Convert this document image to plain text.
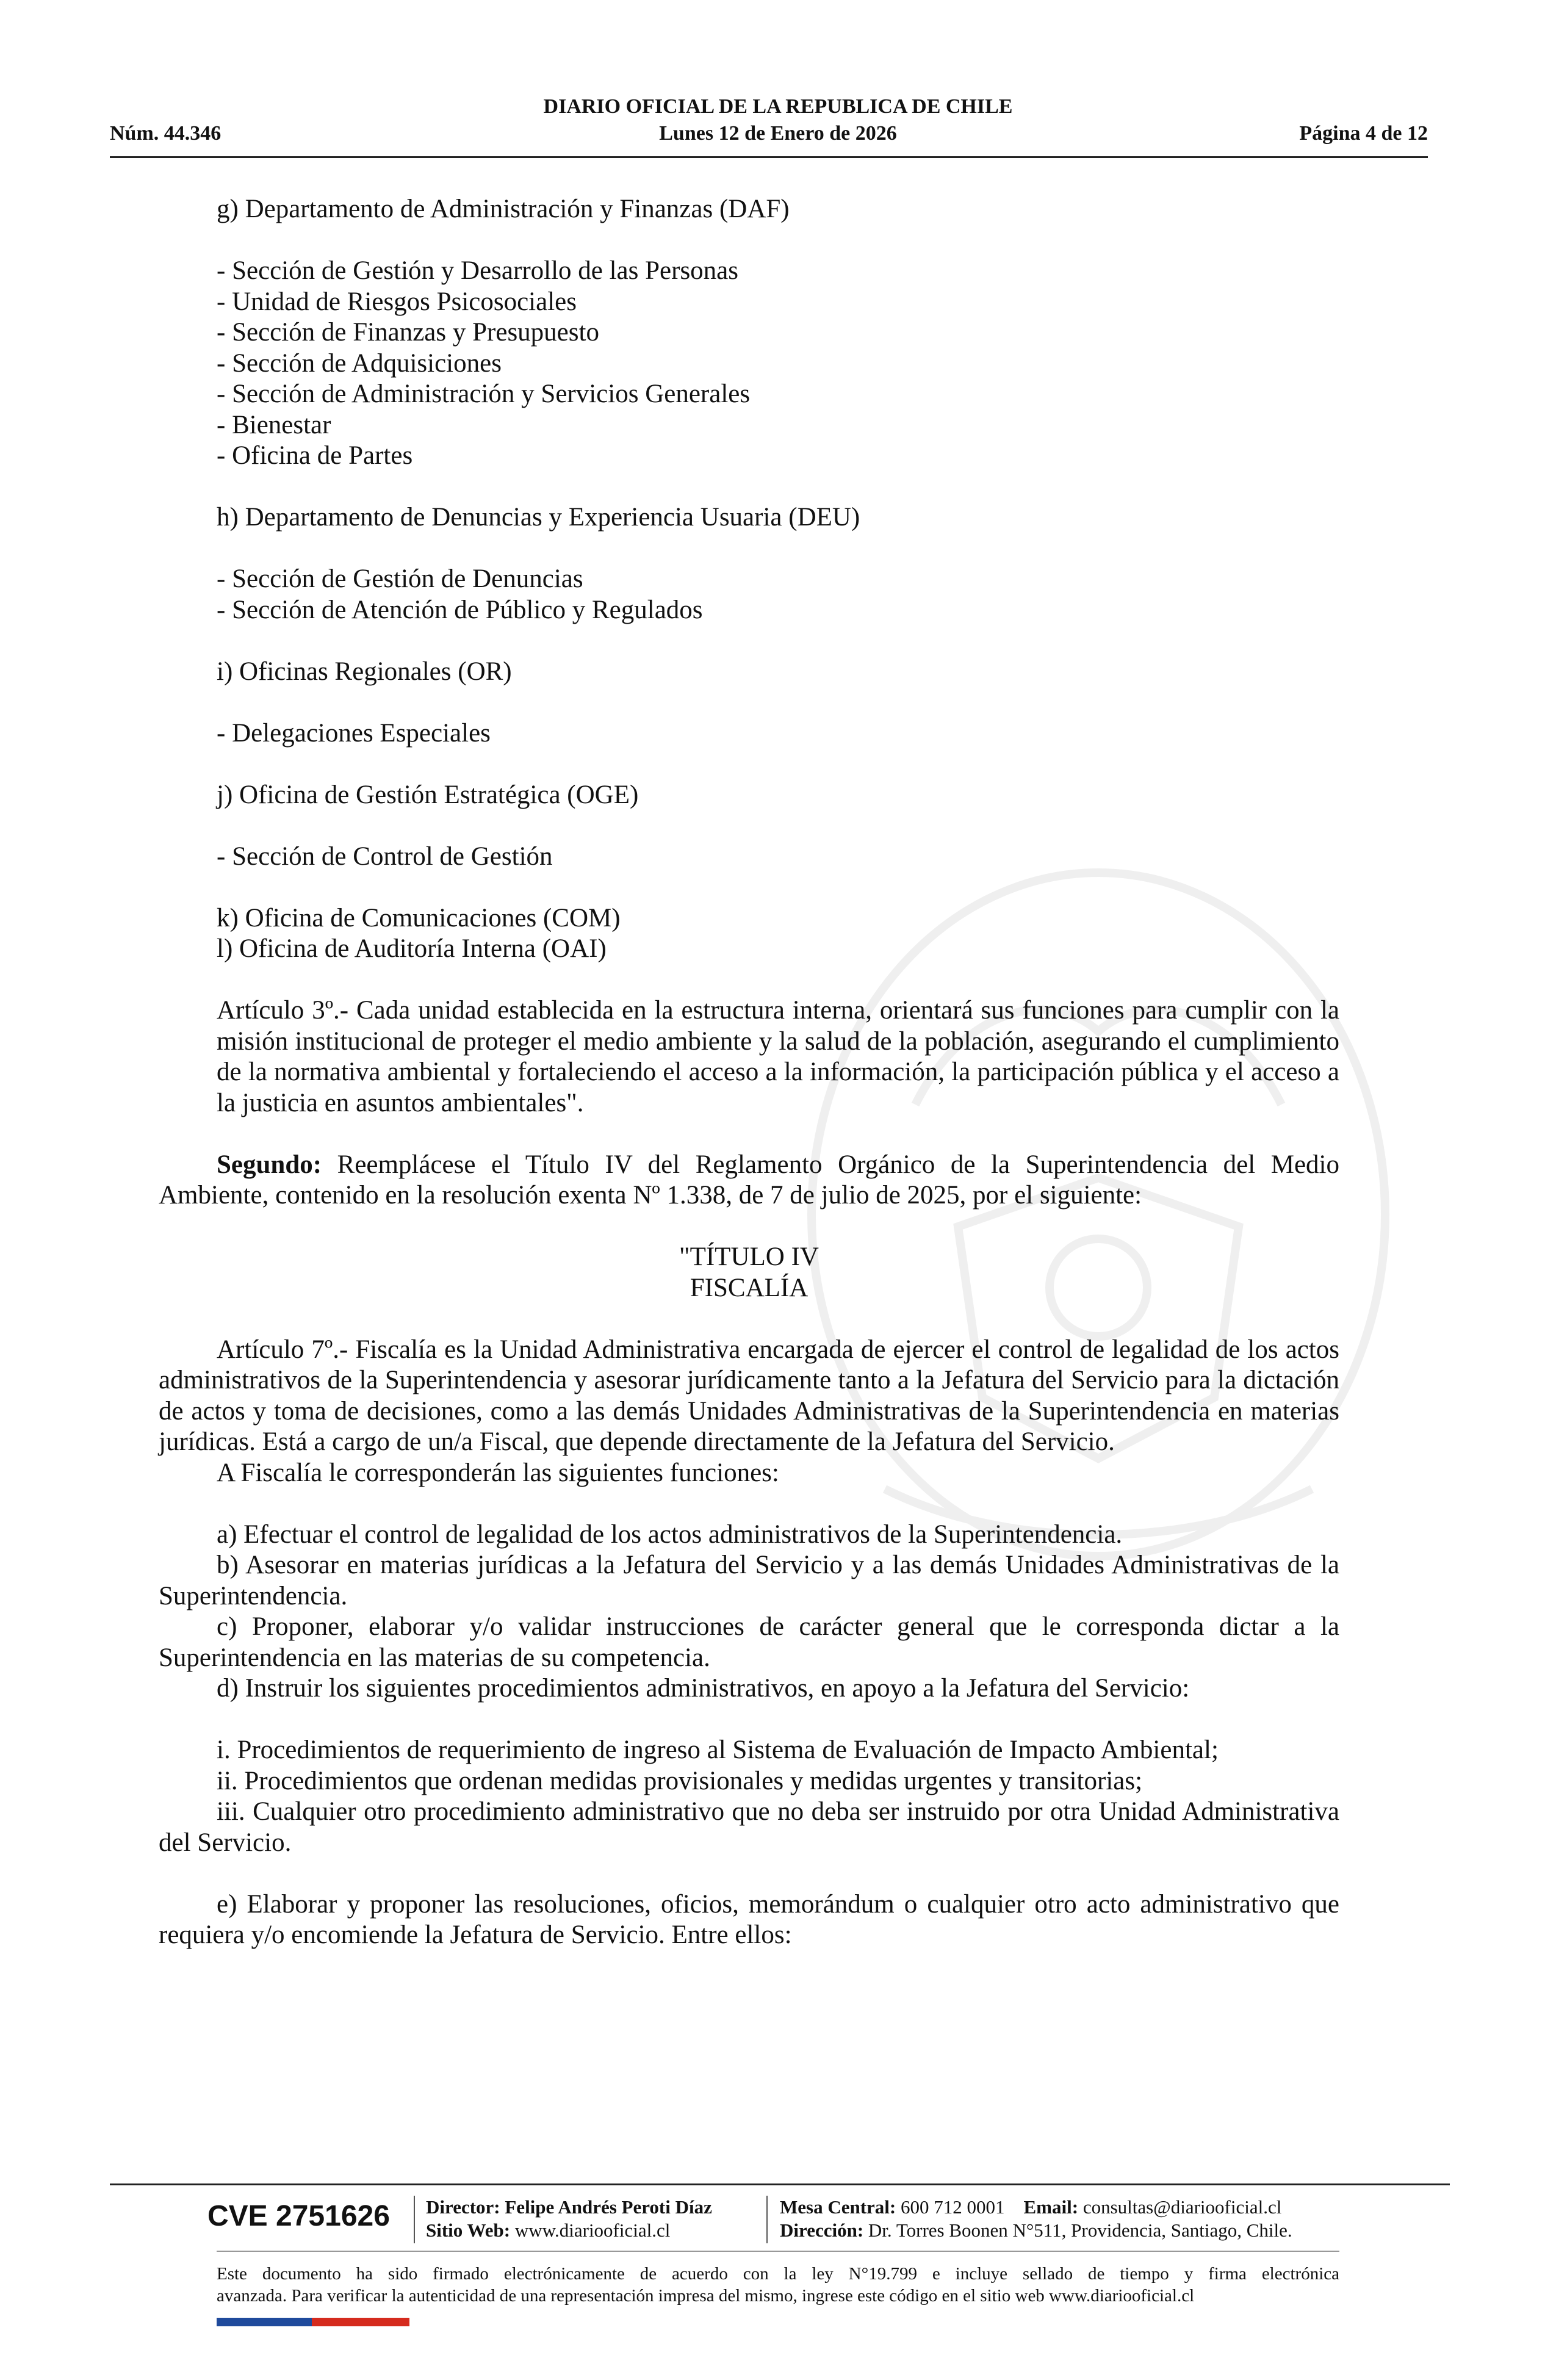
DIARIO OFICIAL DE LA REPUBLICA DE CHILE
Núm. 44.346	Lunes 12 de Enero de 2026	Página 4 de 12

g) Departamento de Administración y Finanzas (DAF)

- Sección de Gestión y Desarrollo de las Personas

- Unidad de Riesgos Psicosociales

- Sección de Finanzas y Presupuesto

- Sección de Adquisiciones

- Sección de Administración y Servicios Generales

- Bienestar

- Oficina de Partes

h) Departamento de Denuncias y Experiencia Usuaria (DEU)

- Sección de Gestión de Denuncias

- Sección de Atención de Público y Regulados

i) Oficinas Regionales (OR)

- Delegaciones Especiales

j) Oficina de Gestión Estratégica (OGE)

- Sección de Control de Gestión

k) Oficina de Comunicaciones (COM)

l) Oficina de Auditoría Interna (OAI)

Artículo 3º.- Cada unidad establecida en la estructura interna, orientará sus funciones para cumplir con la misión institucional de proteger el medio ambiente y la salud de la población, asegurando el cumplimiento de la normativa ambiental y fortaleciendo el acceso a la información, la participación pública y el acceso a la justicia en asuntos ambientales".

Segundo: Reemplácese el Título IV del Reglamento Orgánico de la Superintendencia del Medio Ambiente, contenido en la resolución exenta Nº 1.338, de 7 de julio de 2025, por el siguiente:

"TÍTULO IV

FISCALÍA

Artículo 7º.- Fiscalía es la Unidad Administrativa encargada de ejercer el control de legalidad de los actos administrativos de la Superintendencia y asesorar jurídicamente tanto a la Jefatura del Servicio para la dictación de actos y toma de decisiones, como a las demás Unidades Administrativas de la Superintendencia en materias jurídicas. Está a cargo de un/a Fiscal, que depende directamente de la Jefatura del Servicio.

A Fiscalía le corresponderán las siguientes funciones:

a) Efectuar el control de legalidad de los actos administrativos de la Superintendencia.

b) Asesorar en materias jurídicas a la Jefatura del Servicio y a las demás Unidades Administrativas de la Superintendencia.

c) Proponer, elaborar y/o validar instrucciones de carácter general que le corresponda dictar a la Superintendencia en las materias de su competencia.

d) Instruir los siguientes procedimientos administrativos, en apoyo a la Jefatura del Servicio:

i. Procedimientos de requerimiento de ingreso al Sistema de Evaluación de Impacto Ambiental;

ii. Procedimientos que ordenan medidas provisionales y medidas urgentes y transitorias;

iii. Cualquier otro procedimiento administrativo que no deba ser instruido por otra Unidad Administrativa del Servicio.

e) Elaborar y proponer las resoluciones, oficios, memorándum o cualquier otro acto administrativo que requiera y/o encomiende la Jefatura de Servicio. Entre ellos:

CVE 2751626 Director: Felipe Andrés Peroti Díaz
Sitio Web: www.diariooficial.cl
Mesa Central: 600 712 0001 Email: consultas@diariooficial.cl
Dirección: Dr. Torres Boonen N°511, Providencia, Santiago, Chile.
Este documento ha sido firmado electrónicamente de acuerdo con la ley N°19.799 e incluye sellado de tiempo y firma electrónica
avanzada. Para verificar la autenticidad de una representación impresa del mismo, ingrese este código en el sitio web www.diariooficial.cl
